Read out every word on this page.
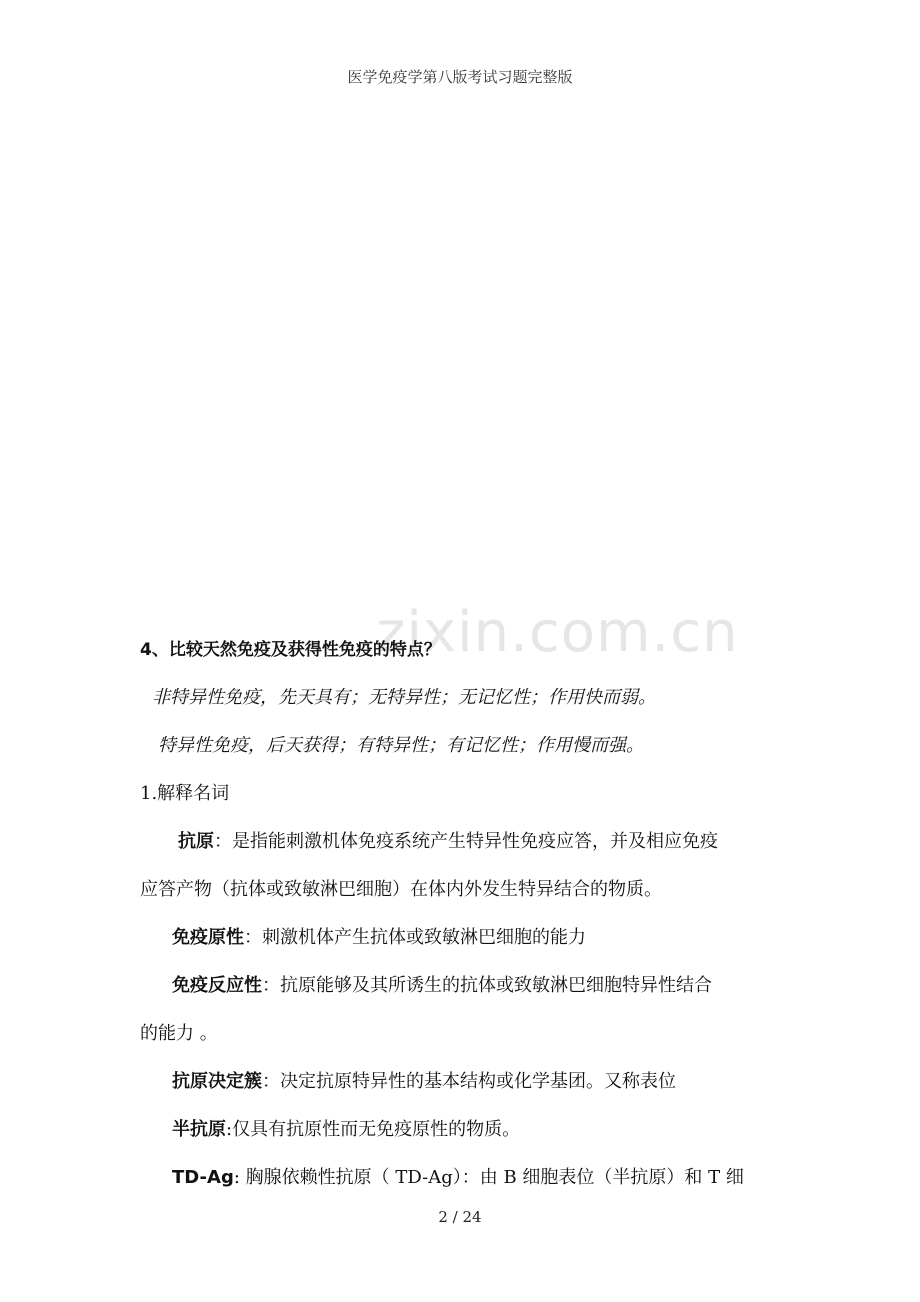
医学免疫学第八版考试习题完整版
zixin.com.cn
4、比较天然免疫及获得性免疫的特点？
非特异性免疫，先天具有；无特异性；无记忆性；作用快而弱。
特异性免疫，后天获得；有特异性；有记忆性；作用慢而强。
1.解释名词
抗原：是指能刺激机体免疫系统产生特异性免疫应答，并及相应免疫
应答产物（抗体或致敏淋巴细胞）在体内外发生特异结合的物质。
免疫原性：刺激机体产生抗体或致敏淋巴细胞的能力
免疫反应性：抗原能够及其所诱生的抗体或致敏淋巴细胞特异性结合
的能力 。
抗原决定簇：决定抗原特异性的基本结构或化学基团。又称表位
半抗原:仅具有抗原性而无免疫原性的物质。
TD-Ag: 胸腺依赖性抗原（ TD-Ag）：由 B 细胞表位（半抗原）和 T 细
2 / 24
